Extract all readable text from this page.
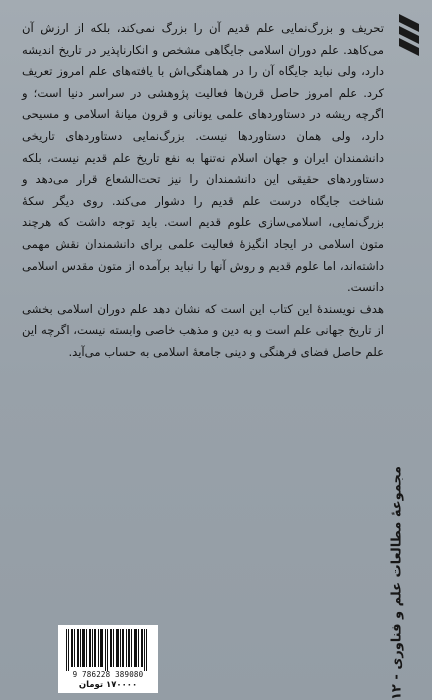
تحریف و بزرگ‌نمایی علم قدیم آن را بزرگ نمی‌کند، بلکه از ارزش آن می‌کاهد. علم دوران اسلامی جایگاهی مشخص و انکارناپذیر در تاریخ اندیشه دارد، ولی نباید جایگاه آن را در هماهنگی‌اش با یافته‌های علم امروز تعریف کرد. علم امروز حاصل قرن‌ها فعالیت پژوهشی در سراسر دنیا است؛ و اگرچه ریشه در دستاوردهای علمی یونانی و قرون میانهٔ اسلامی و مسیحی دارد، ولی همان دستاوردها نیست. بزرگ‌نمایی دستاوردهای تاریخی دانشمندان ایران و جهان اسلام نه‌تنها به نفع تاریخ علم قدیم نیست، بلکه دستاوردهای حقیقی این دانشمندان را نیز تحت‌الشعاع قرار می‌دهد و شناخت جایگاه درست علم قدیم را دشوار می‌کند. روی دیگر سکهٔ بزرگ‌نمایی، اسلامی‌سازی علوم قدیم است. باید توجه داشت که هرچند متون اسلامی در ایجاد انگیزهٔ فعالیت علمی برای دانشمندان نقش مهمی داشته‌اند، اما علوم قدیم و روش آنها را نباید برآمده از متون مقدس اسلامی دانست.

هدف نویسندهٔ این کتاب این است که نشان دهد علم دوران اسلامی بخشی از تاریخ جهانی علم است و به دین و مذهب خاصی وابسته نیست، اگرچه این علم حاصل فضای فرهنگی و دینی جامعهٔ اسلامی به حساب می‌آید.

مجموعهٔ مطالعات علم و فناوری - ۱۲
9 786228 389080
۱۷۰۰۰۰ تومان
